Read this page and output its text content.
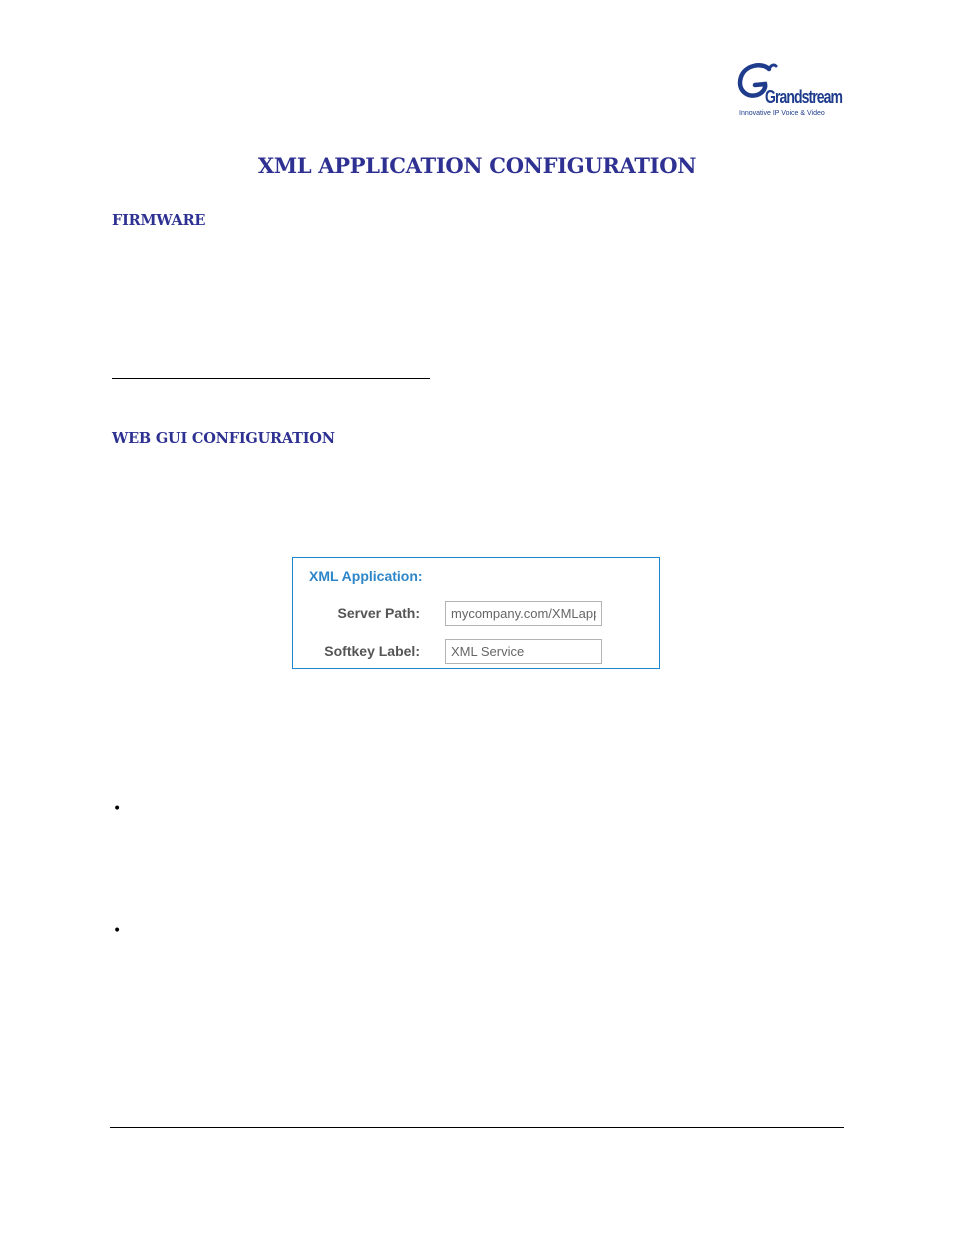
Grandstream
Innovative IP Voice & Video
XML APPLICATION CONFIGURATION
FIRMWARE
WEB GUI CONFIGURATION
XML Application:
Server Path:
mycompany.com/XMLapp
Softkey Label:
XML Service
•
•
